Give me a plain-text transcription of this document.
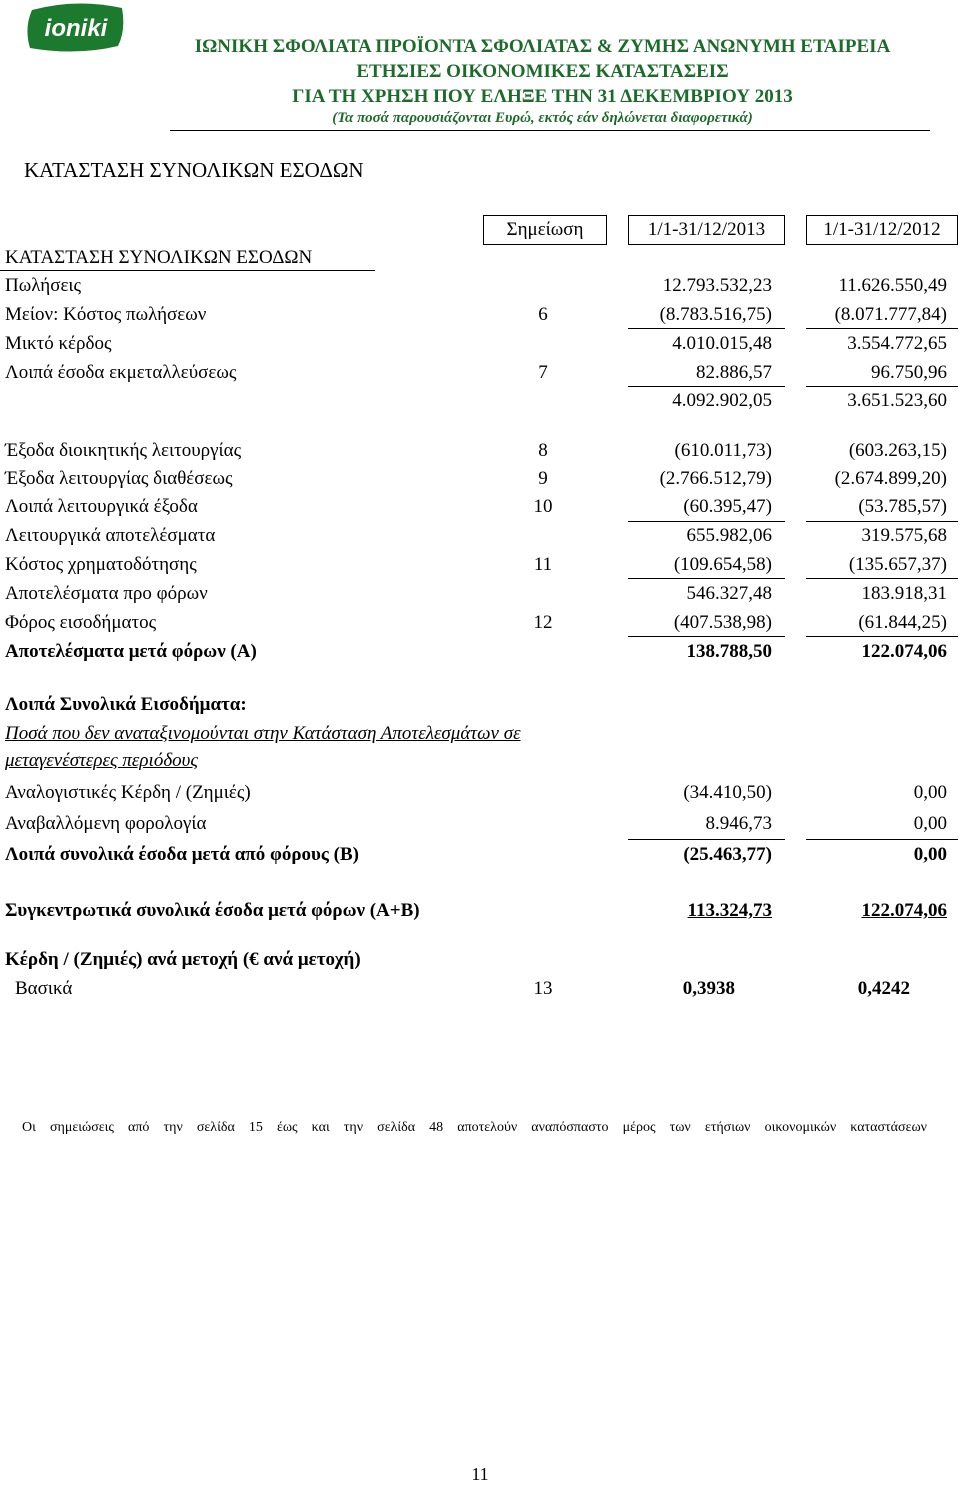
ioniki
ΙΩΝΙΚΗ ΣΦΟΛΙΑΤΑ ΠΡΟΪΟΝΤΑ ΣΦΟΛΙΑΤΑΣ & ΖΥΜΗΣ ΑΝΩΝΥΜΗ ΕΤΑΙΡΕΙΑ
ΕΤΗΣΙΕΣ ΟΙΚΟΝΟΜΙΚΕΣ ΚΑΤΑΣΤΑΣΕΙΣ
ΓΙΑ ΤΗ ΧΡΗΣΗ ΠΟΥ ΕΛΗΞΕ ΤΗΝ 31 ΔΕΚΕΜΒΡΙΟΥ 2013
(Τα ποσά παρουσιάζονται Ευρώ, εκτός εάν δηλώνεται διαφορετικά)
ΚΑΤΑΣΤΑΣΗ ΣΥΝΟΛΙΚΩΝ ΕΣΟΔΩΝ
Σημείωση	1/1-31/12/2013	1/1-31/12/2012
ΚΑΤΑΣΤΑΣΗ ΣΥΝΟΛΙΚΩΝ ΕΣΟΔΩΝ
Πωλήσεις	12.793.532,23	11.626.550,49
Μείον: Κόστος πωλήσεων	6	(8.783.516,75)	(8.071.777,84)
Μικτό κέρδος	4.010.015,48	3.554.772,65
Λοιπά έσοδα εκμεταλλεύσεως	7	82.886,57	96.750,96
4.092.902,05	3.651.523,60
Έξοδα διοικητικής λειτουργίας	8	(610.011,73)	(603.263,15)
Έξοδα λειτουργίας διαθέσεως	9	(2.766.512,79)	(2.674.899,20)
Λοιπά λειτουργικά έξοδα	10	(60.395,47)	(53.785,57)
Λειτουργικά αποτελέσματα	655.982,06	319.575,68
Κόστος χρηματοδότησης	11	(109.654,58)	(135.657,37)
Αποτελέσματα προ φόρων	546.327,48	183.918,31
Φόρος εισοδήματος	12	(407.538,98)	(61.844,25)
Αποτελέσματα μετά φόρων (Α)	138.788,50	122.074,06
Λοιπά Συνολικά Εισοδήματα:
Ποσά που δεν αναταξινομούνται στην Κατάσταση Αποτελεσμάτων σε
μεταγενέστερες περιόδους
Αναλογιστικές Κέρδη / (Ζημιές)	(34.410,50)	0,00
Αναβαλλόμενη φορολογία	8.946,73	0,00
Λοιπά συνολικά έσοδα μετά από φόρους (Β)	(25.463,77)	0,00
Συγκεντρωτικά συνολικά έσοδα μετά φόρων (Α+Β)	113.324,73	122.074,06
Κέρδη / (Ζημιές) ανά μετοχή (€ ανά μετοχή)
Βασικά	13	0,3938	0,4242
Οι σημειώσεις από την σελίδα 15 έως και την σελίδα 48 αποτελούν αναπόσπαστο μέρος των ετήσιων οικονομικών καταστάσεων
11
